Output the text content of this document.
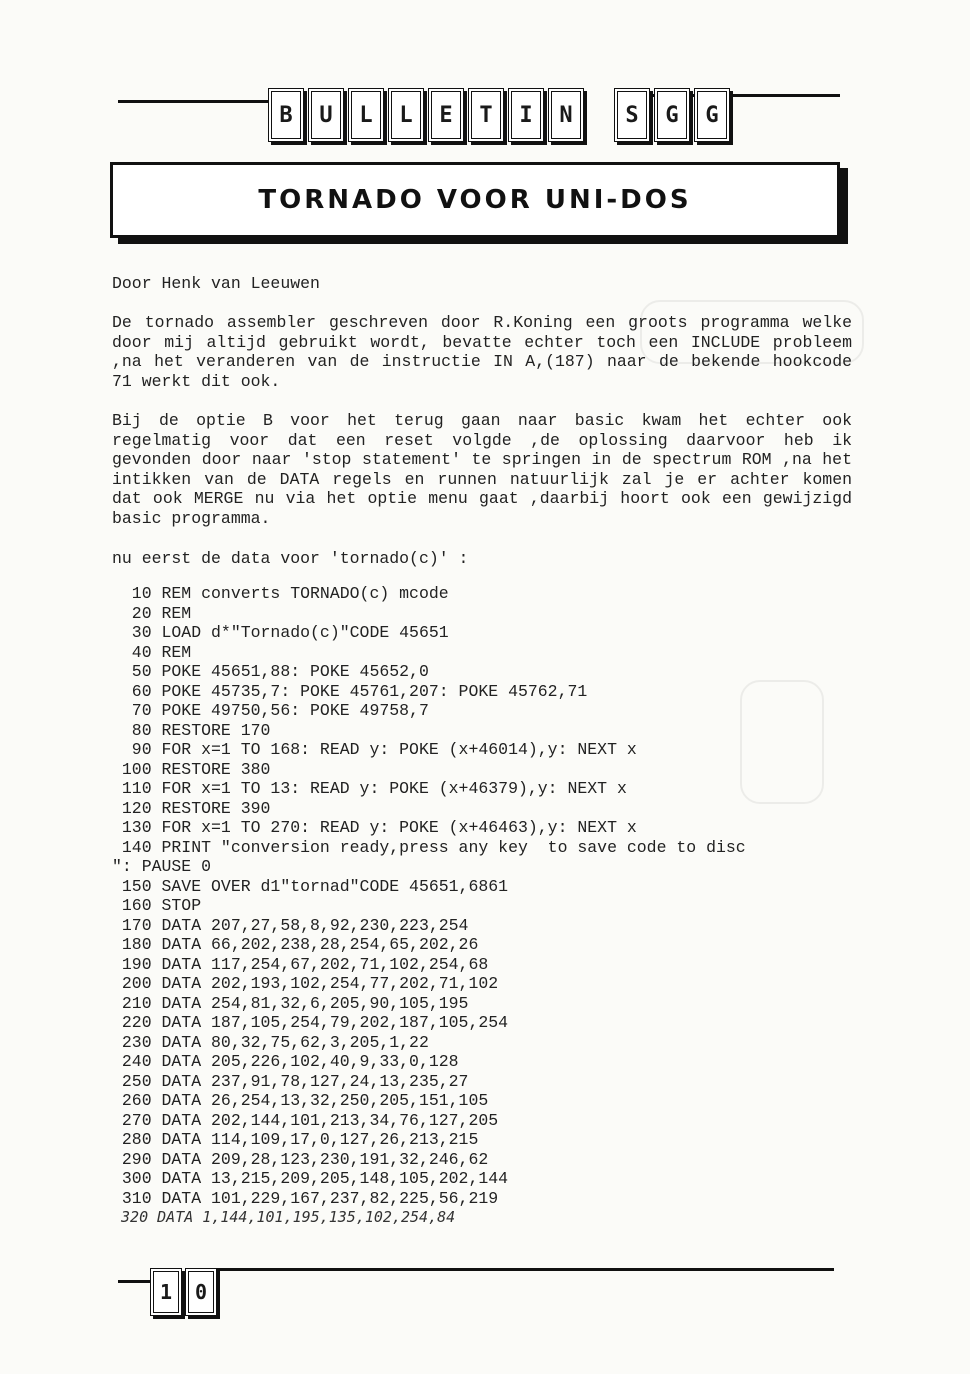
B	U	L	L	E	T	I	N	S	G	G
TORNADO VOOR UNI-DOS
Door Henk van Leeuwen
De tornado assembler geschreven door R.Koning een groots programma welke door mij altijd gebruikt wordt, bevatte echter toch een INCLUDE probleem ,na het veranderen van de instructie IN A,(187) naar de bekende hookcode 71 werkt dit ook.
Bij de optie B voor het terug gaan naar basic kwam het echter ook regelmatig voor dat een reset volgde ,de oplossing daarvoor heb ik gevonden door naar 'stop statement' te springen in de spectrum ROM ,na het intikken van de DATA regels en runnen natuurlijk zal je er achter komen dat ook MERGE nu via het optie menu gaat ,daarbij hoort ook een gewijzigd basic programma.
nu eerst de data voor 'tornado(c)' :
10 REM converts TORNADO(c) mcode
20 REM
30 LOAD d*"Tornado(c)"CODE 45651
40 REM
50 POKE 45651,88: POKE 45652,0
60 POKE 45735,7: POKE 45761,207: POKE 45762,71
70 POKE 49750,56: POKE 49758,7
80 RESTORE 170
90 FOR x=1 TO 168: READ y: POKE (x+46014),y: NEXT x
100 RESTORE 380
110 FOR x=1 TO 13: READ y: POKE (x+46379),y: NEXT x
120 RESTORE 390
130 FOR x=1 TO 270: READ y: POKE (x+46463),y: NEXT x
140 PRINT "conversion ready,press any key  to save code to disc
": PAUSE 0
150 SAVE OVER d1"tornad"CODE 45651,6861
160 STOP
170 DATA 207,27,58,8,92,230,223,254
180 DATA 66,202,238,28,254,65,202,26
190 DATA 117,254,67,202,71,102,254,68
200 DATA 202,193,102,254,77,202,71,102
210 DATA 254,81,32,6,205,90,105,195
220 DATA 187,105,254,79,202,187,105,254
230 DATA 80,32,75,62,3,205,1,22
240 DATA 205,226,102,40,9,33,0,128
250 DATA 237,91,78,127,24,13,235,27
260 DATA 26,254,13,32,250,205,151,105
270 DATA 202,144,101,213,34,76,127,205
280 DATA 114,109,17,0,127,26,213,215
290 DATA 209,28,123,230,191,32,246,62
300 DATA 13,215,209,205,148,105,202,144
310 DATA 101,229,167,237,82,225,56,219
320 DATA 1,144,101,195,135,102,254,84
1	0
